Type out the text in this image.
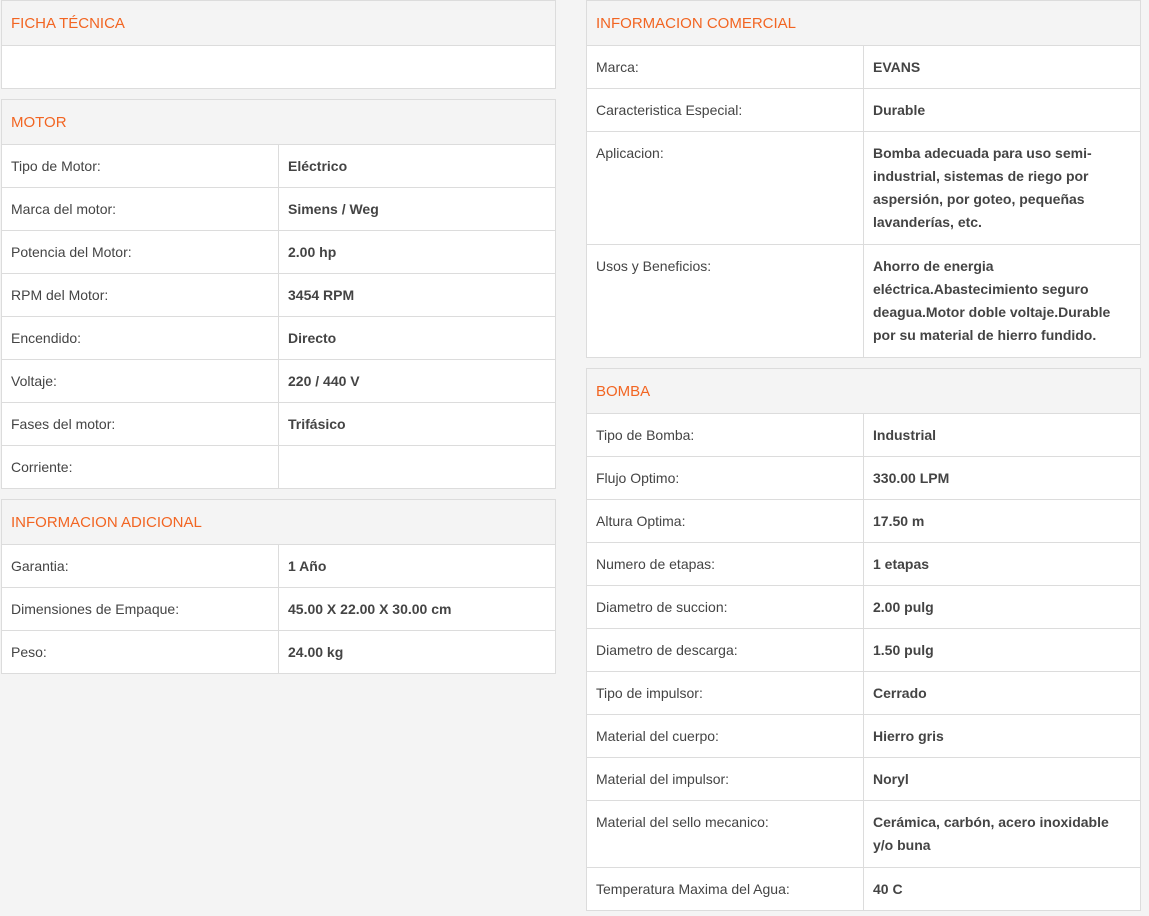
FICHA TÉCNICA

MOTOR	
Tipo de Motor:	Eléctrico
Marca del motor:	Simens / Weg
Potencia del Motor:	2.00 hp
RPM del Motor:	3454 RPM
Encendido:	Directo
Voltaje:	220 / 440 V
Fases del motor:	Trifásico
Corriente:	
INFORMACION ADICIONAL	
Garantia:	1 Año
Dimensiones de Empaque:	45.00 X 22.00 X 30.00 cm
Peso:	24.00 kg
INFORMACION COMERCIAL	
Marca:	EVANS
Caracteristica Especial:	Durable
Aplicacion:	Bomba adecuada para uso semi-industrial, sistemas de riego por aspersión, por goteo, pequeñas lavanderías, etc.
Usos y Beneficios:	Ahorro de energia eléctrica.Abastecimiento seguro deagua.Motor doble voltaje.Durable por su material de hierro fundido.
BOMBA	
Tipo de Bomba:	Industrial
Flujo Optimo:	330.00 LPM
Altura Optima:	17.50 m
Numero de etapas:	1 etapas
Diametro de succion:	2.00 pulg
Diametro de descarga:	1.50 pulg
Tipo de impulsor:	Cerrado
Material del cuerpo:	Hierro gris
Material del impulsor:	Noryl
Material del sello mecanico:	Cerámica, carbón, acero inoxidable y/o buna
Temperatura Maxima del Agua:	40 C
